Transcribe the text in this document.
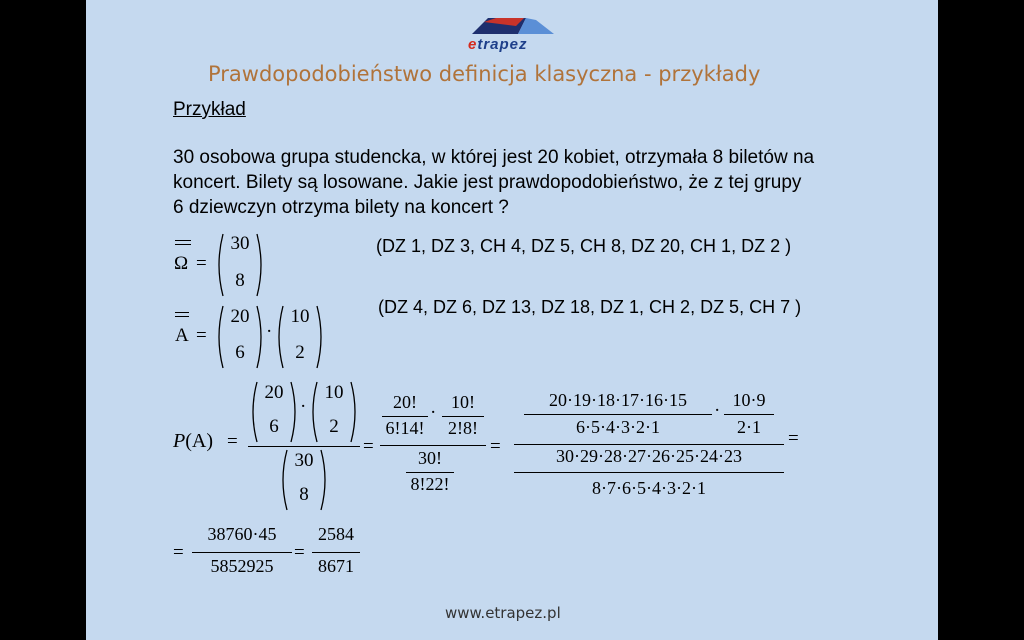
etrapez
Prawdopodobieństwo definicja klasyczna - przykłady
Przykład
30 osobowa grupa studencka, w której jest 20 kobiet, otrzymała 8 biletów na
koncert. Bilety są losowane. Jakie jest prawdopodobieństwo, że z tej grupy
6 dziewczyn otrzyma bilety na koncert ?
Ω =
30
8
(DZ 1, DZ 3, CH 4, DZ 5, CH 8, DZ 20, CH 1, DZ 2 )
A =
20
6
·
10
2
(DZ 4, DZ 6, DZ 13, DZ 18, DZ 1, CH 2, DZ 5, CH 7 )
P(A) =
20
6
·
10
2
30
8
=
20!
6!14!
· 10!
2!8!
30!
8!22!
=
20·19·18·17·16·15
6·5·4·3·2·1
· 10·9
2·1
30·29·28·27·26·25·24·23
8·7·6·5·4·3·2·1
=
=
38760·45
5852925
=
2584
8671
www.etrapez.pl
